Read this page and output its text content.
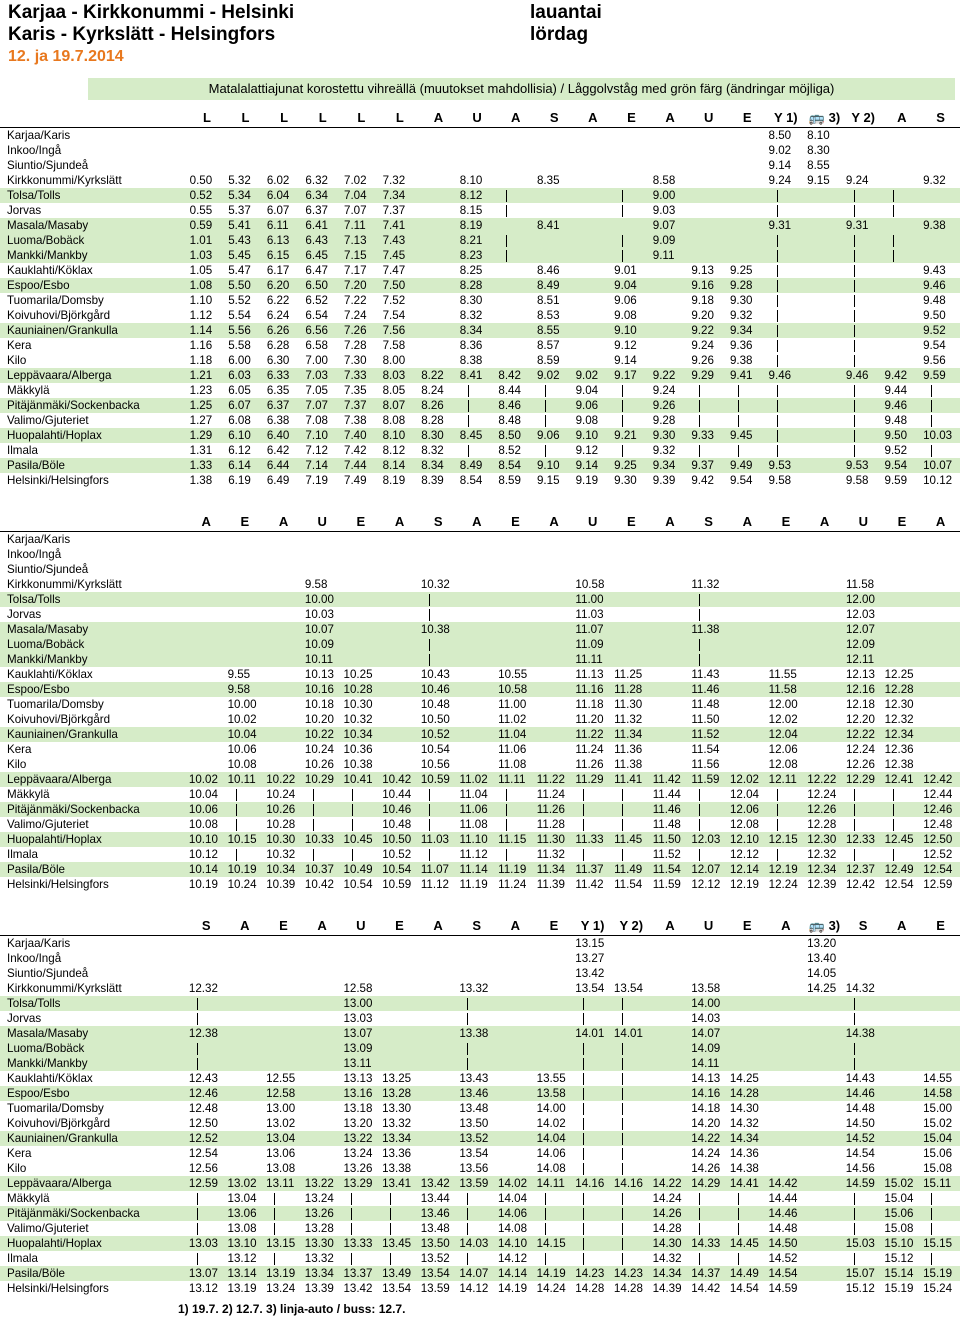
Karjaa - Kirkkonummi - Helsinki
Karis - Kyrkslätt - Helsingfors
12. ja 19.7.2014
lauantai
lördag
Matalalattiajunat korostettu vihreällä (muutokset mahdollisia) / Låggolvståg med grön färg (ändringar möjliga)
	L	L	L	L	L	L	A	U	A	S	A	E	A	U	E	Y 1)	🚌 3)	Y 2)	A	S
Karjaa/Karis																8.50	8.10			
Inkoo/Ingå																9.02	8.30			
Siuntio/Sjundeå																9.14	8.55			
Kirkkonummi/Kyrkslätt	0.50	5.32	6.02	6.32	7.02	7.32		8.10		8.35			8.58			9.24	9.15	9.24		9.32
Tolsa/Tolls	0.52	5.34	6.04	6.34	7.04	7.34		8.12					9.00							
Jorvas	0.55	5.37	6.07	6.37	7.07	7.37		8.15					9.03							
Masala/Masaby	0.59	5.41	6.11	6.41	7.11	7.41		8.19		8.41			9.07			9.31		9.31		9.38
Luoma/Bobäck	1.01	5.43	6.13	6.43	7.13	7.43		8.21					9.09							
Mankki/Mankby	1.03	5.45	6.15	6.45	7.15	7.45		8.23					9.11							
Kauklahti/Köklax	1.05	5.47	6.17	6.47	7.17	7.47		8.25		8.46		9.01		9.13	9.25					9.43
Espoo/Esbo	1.08	5.50	6.20	6.50	7.20	7.50		8.28		8.49		9.04		9.16	9.28					9.46
Tuomarila/Domsby	1.10	5.52	6.22	6.52	7.22	7.52		8.30		8.51		9.06		9.18	9.30					9.48
Koivuhovi/Björkgård	1.12	5.54	6.24	6.54	7.24	7.54		8.32		8.53		9.08		9.20	9.32					9.50
Kauniainen/Grankulla	1.14	5.56	6.26	6.56	7.26	7.56		8.34		8.55		9.10		9.22	9.34					9.52
Kera	1.16	5.58	6.28	6.58	7.28	7.58		8.36		8.57		9.12		9.24	9.36					9.54
Kilo	1.18	6.00	6.30	7.00	7.30	8.00		8.38		8.59		9.14		9.26	9.38					9.56
Leppävaara/Alberga	1.21	6.03	6.33	7.03	7.33	8.03	8.22	8.41	8.42	9.02	9.02	9.17	9.22	9.29	9.41	9.46		9.46	9.42	9.59
Mäkkylä	1.23	6.05	6.35	7.05	7.35	8.05	8.24		8.44		9.04		9.24						9.44	
Pitäjänmäki/Sockenbacka	1.25	6.07	6.37	7.07	7.37	8.07	8.26		8.46		9.06		9.26						9.46	
Valimo/Gjuteriet	1.27	6.08	6.38	7.08	7.38	8.08	8.28		8.48		9.08		9.28						9.48	
Huopalahti/Hoplax	1.29	6.10	6.40	7.10	7.40	8.10	8.30	8.45	8.50	9.06	9.10	9.21	9.30	9.33	9.45				9.50	10.03
Ilmala	1.31	6.12	6.42	7.12	7.42	8.12	8.32		8.52		9.12		9.32						9.52	
Pasila/Böle	1.33	6.14	6.44	7.14	7.44	8.14	8.34	8.49	8.54	9.10	9.14	9.25	9.34	9.37	9.49	9.53		9.53	9.54	10.07
Helsinki/Helsingfors	1.38	6.19	6.49	7.19	7.49	8.19	8.39	8.54	8.59	9.15	9.19	9.30	9.39	9.42	9.54	9.58		9.58	9.59	10.12
	A	E	A	U	E	A	S	A	E	A	U	E	A	S	A	E	A	U	E	A
Karjaa/Karis																				
Inkoo/Ingå																				
Siuntio/Sjundeå																				
Kirkkonummi/Kyrkslätt				9.58			10.32				10.58			11.32				11.58		
Tolsa/Tolls				10.00							11.00							12.00		
Jorvas				10.03							11.03							12.03		
Masala/Masaby				10.07			10.38				11.07			11.38				12.07		
Luoma/Bobäck				10.09							11.09							12.09		
Mankki/Mankby				10.11							11.11							12.11		
Kauklahti/Köklax		9.55		10.13	10.25		10.43		10.55		11.13	11.25		11.43		11.55		12.13	12.25	
Espoo/Esbo		9.58		10.16	10.28		10.46		10.58		11.16	11.28		11.46		11.58		12.16	12.28	
Tuomarila/Domsby		10.00		10.18	10.30		10.48		11.00		11.18	11.30		11.48		12.00		12.18	12.30	
Koivuhovi/Björkgård		10.02		10.20	10.32		10.50		11.02		11.20	11.32		11.50		12.02		12.20	12.32	
Kauniainen/Grankulla		10.04		10.22	10.34		10.52		11.04		11.22	11.34		11.52		12.04		12.22	12.34	
Kera		10.06		10.24	10.36		10.54		11.06		11.24	11.36		11.54		12.06		12.24	12.36	
Kilo		10.08		10.26	10.38		10.56		11.08		11.26	11.38		11.56		12.08		12.26	12.38	
Leppävaara/Alberga	10.02	10.11	10.22	10.29	10.41	10.42	10.59	11.02	11.11	11.22	11.29	11.41	11.42	11.59	12.02	12.11	12.22	12.29	12.41	12.42
Mäkkylä	10.04		10.24			10.44		11.04		11.24			11.44		12.04		12.24			12.44
Pitäjänmäki/Sockenbacka	10.06		10.26			10.46		11.06		11.26			11.46		12.06		12.26			12.46
Valimo/Gjuteriet	10.08		10.28			10.48		11.08		11.28			11.48		12.08		12.28			12.48
Huopalahti/Hoplax	10.10	10.15	10.30	10.33	10.45	10.50	11.03	11.10	11.15	11.30	11.33	11.45	11.50	12.03	12.10	12.15	12.30	12.33	12.45	12.50
Ilmala	10.12		10.32			10.52		11.12		11.32			11.52		12.12		12.32			12.52
Pasila/Böle	10.14	10.19	10.34	10.37	10.49	10.54	11.07	11.14	11.19	11.34	11.37	11.49	11.54	12.07	12.14	12.19	12.34	12.37	12.49	12.54
Helsinki/Helsingfors	10.19	10.24	10.39	10.42	10.54	10.59	11.12	11.19	11.24	11.39	11.42	11.54	11.59	12.12	12.19	12.24	12.39	12.42	12.54	12.59
	S	A	E	A	U	E	A	S	A	E	Y 1)	Y 2)	A	U	E	A	🚌 3)	S	A	E
Karjaa/Karis											13.15						13.20			
Inkoo/Ingå											13.27						13.40			
Siuntio/Sjundeå											13.42						14.05			
Kirkkonummi/Kyrkslätt	12.32				12.58			13.32			13.54	13.54		13.58			14.25	14.32		
Tolsa/Tolls					13.00									14.00						
Jorvas					13.03									14.03						
Masala/Masaby	12.38				13.07			13.38			14.01	14.01		14.07				14.38		
Luoma/Bobäck					13.09									14.09						
Mankki/Mankby					13.11									14.11						
Kauklahti/Köklax	12.43		12.55		13.13	13.25		13.43		13.55				14.13	14.25			14.43		14.55
Espoo/Esbo	12.46		12.58		13.16	13.28		13.46		13.58				14.16	14.28			14.46		14.58
Tuomarila/Domsby	12.48		13.00		13.18	13.30		13.48		14.00				14.18	14.30			14.48		15.00
Koivuhovi/Björkgård	12.50		13.02		13.20	13.32		13.50		14.02				14.20	14.32			14.50		15.02
Kauniainen/Grankulla	12.52		13.04		13.22	13.34		13.52		14.04				14.22	14.34			14.52		15.04
Kera	12.54		13.06		13.24	13.36		13.54		14.06				14.24	14.36			14.54		15.06
Kilo	12.56		13.08		13.26	13.38		13.56		14.08				14.26	14.38			14.56		15.08
Leppävaara/Alberga	12.59	13.02	13.11	13.22	13.29	13.41	13.42	13.59	14.02	14.11	14.16	14.16	14.22	14.29	14.41	14.42		14.59	15.02	15.11
Mäkkylä		13.04		13.24			13.44		14.04				14.24			14.44			15.04	
Pitäjänmäki/Sockenbacka		13.06		13.26			13.46		14.06				14.26			14.46			15.06	
Valimo/Gjuteriet		13.08		13.28			13.48		14.08				14.28			14.48			15.08	
Huopalahti/Hoplax	13.03	13.10	13.15	13.30	13.33	13.45	13.50	14.03	14.10	14.15			14.30	14.33	14.45	14.50		15.03	15.10	15.15
Ilmala		13.12		13.32			13.52		14.12				14.32			14.52			15.12	
Pasila/Böle	13.07	13.14	13.19	13.34	13.37	13.49	13.54	14.07	14.14	14.19	14.23	14.23	14.34	14.37	14.49	14.54		15.07	15.14	15.19
Helsinki/Helsingfors	13.12	13.19	13.24	13.39	13.42	13.54	13.59	14.12	14.19	14.24	14.28	14.28	14.39	14.42	14.54	14.59		15.12	15.19	15.24
1) 19.7. 2) 12.7. 3) linja-auto / buss: 12.7.
